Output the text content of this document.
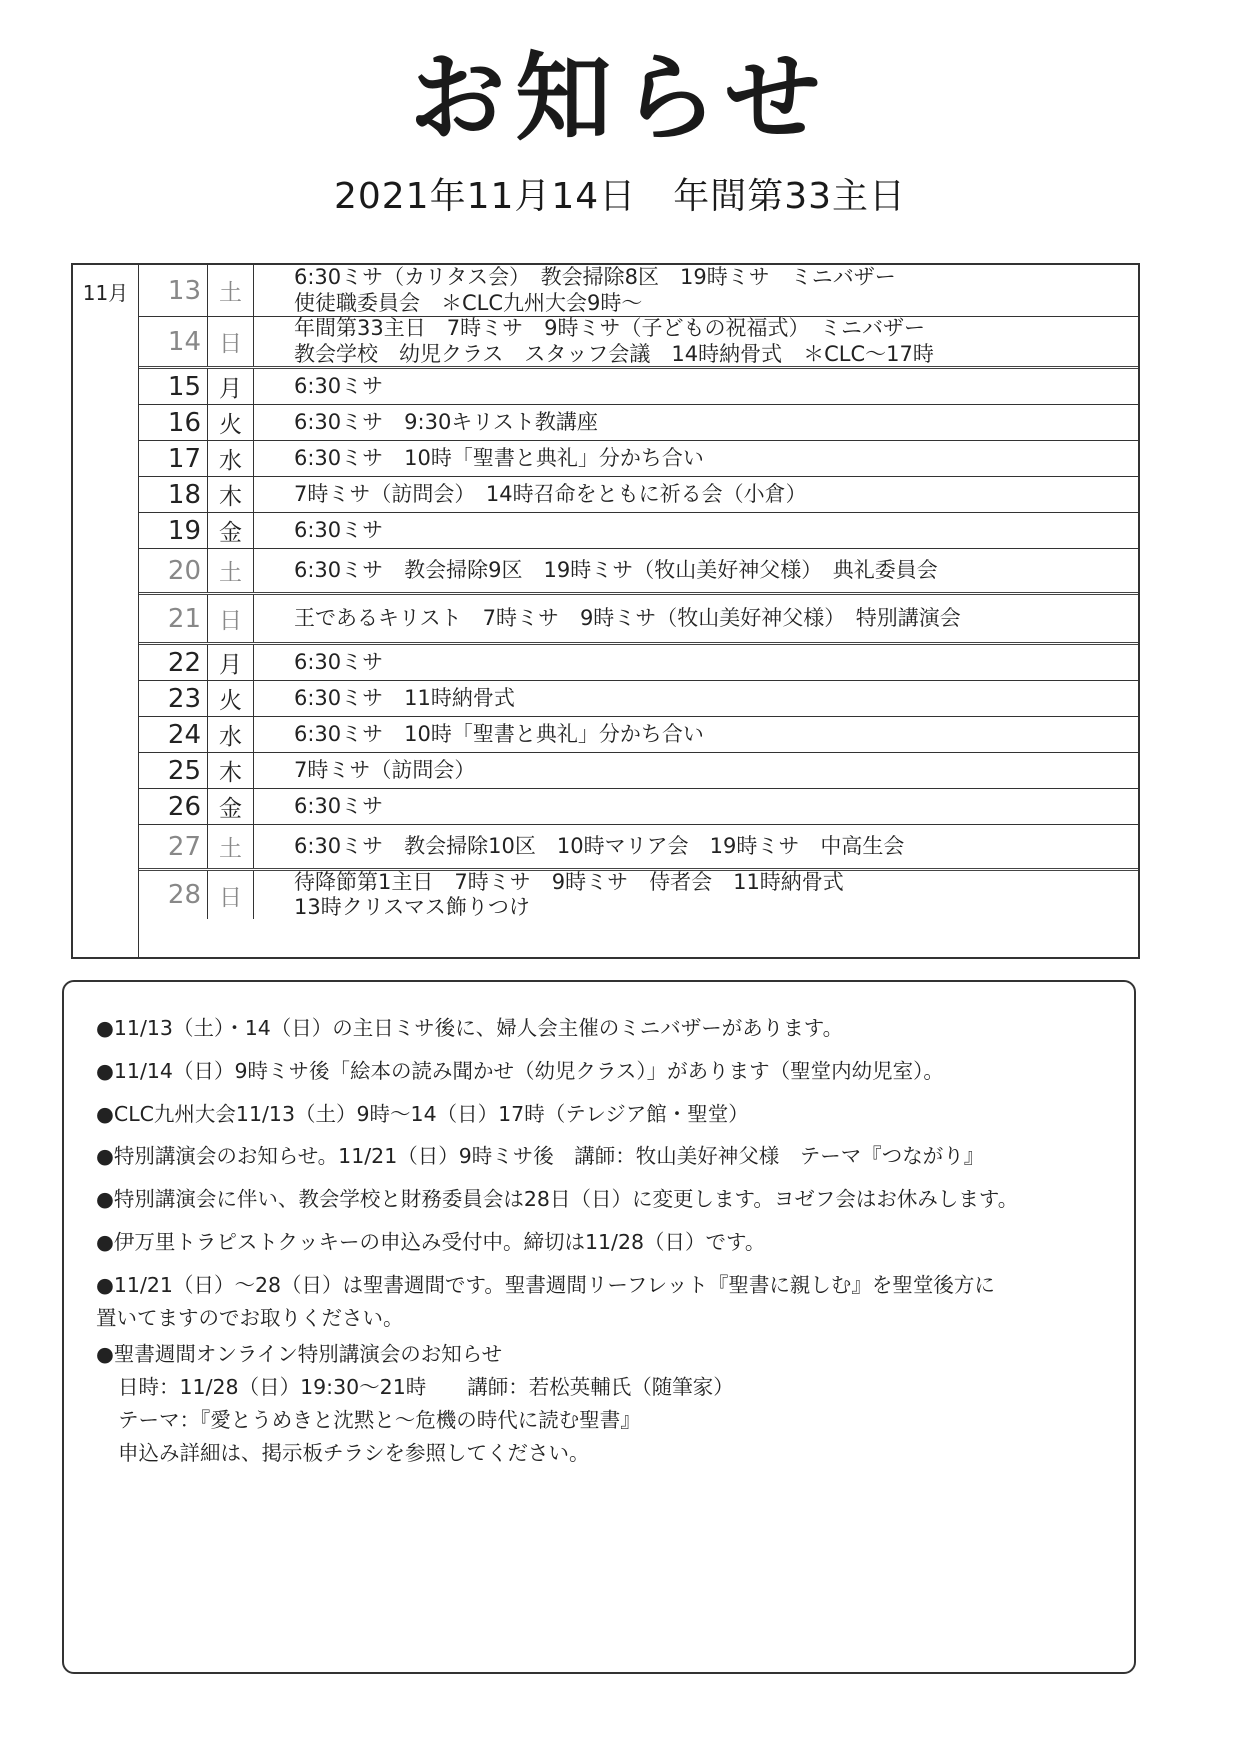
お知らせ
2021年11月14日　年間第33主日
11月	13 土
6:30ミサ（カリタス会）　教会掃除8区　19時ミサ　ミニバザー
使徒職委員会　＊CLC九州大会9時～
14 日
年間第33主日　7時ミサ　9時ミサ（子どもの祝福式）　ミニバザー
教会学校　幼児クラス　スタッフ会議　14時納骨式　＊CLC～17時
15 月	6:30ミサ
16 火	6:30ミサ　9:30キリスト教講座
17 水	6:30ミサ　10時「聖書と典礼」分かち合い
18 木	7時ミサ（訪問会）　14時召命をともに祈る会（小倉）
19 金	6:30ミサ
20 土	6:30ミサ　教会掃除9区　19時ミサ（牧山美好神父様）　典礼委員会
21 日	王であるキリスト　7時ミサ　9時ミサ（牧山美好神父様）　特別講演会
22 月	6:30ミサ
23 火	6:30ミサ　11時納骨式
24 水	6:30ミサ　10時「聖書と典礼」分かち合い
25 木	7時ミサ（訪問会）
26 金	6:30ミサ
27 土	6:30ミサ　教会掃除10区　10時マリア会　19時ミサ　中高生会
28 日
待降節第1主日　7時ミサ　9時ミサ　侍者会　11時納骨式
13時クリスマス飾りつけ
●11/13（土）・14（日）の主日ミサ後に、婦人会主催のミニバザーがあります。
●11/14（日）9時ミサ後「絵本の読み聞かせ（幼児クラス）」があります（聖堂内幼児室）。
●CLC九州大会11/13（土）9時～14（日）17時（テレジア館・聖堂）
●特別講演会のお知らせ。11/21（日）9時ミサ後　講師：牧山美好神父様　テーマ『つながり』
●特別講演会に伴い、教会学校と財務委員会は28日（日）に変更します。ヨゼフ会はお休みします。
●伊万里トラピストクッキーの申込み受付中。締切は11/28（日）です。
●11/21（日）～28（日）は聖書週間です。聖書週間リーフレット『聖書に親しむ』を聖堂後方に
置いてますのでお取りください。
●聖書週間オンライン特別講演会のお知らせ
日時：11/28（日）19:30～21時　　講師：若松英輔氏（随筆家）
テーマ：『愛とうめきと沈黙と～危機の時代に読む聖書』
申込み詳細は、掲示板チラシを参照してください。
